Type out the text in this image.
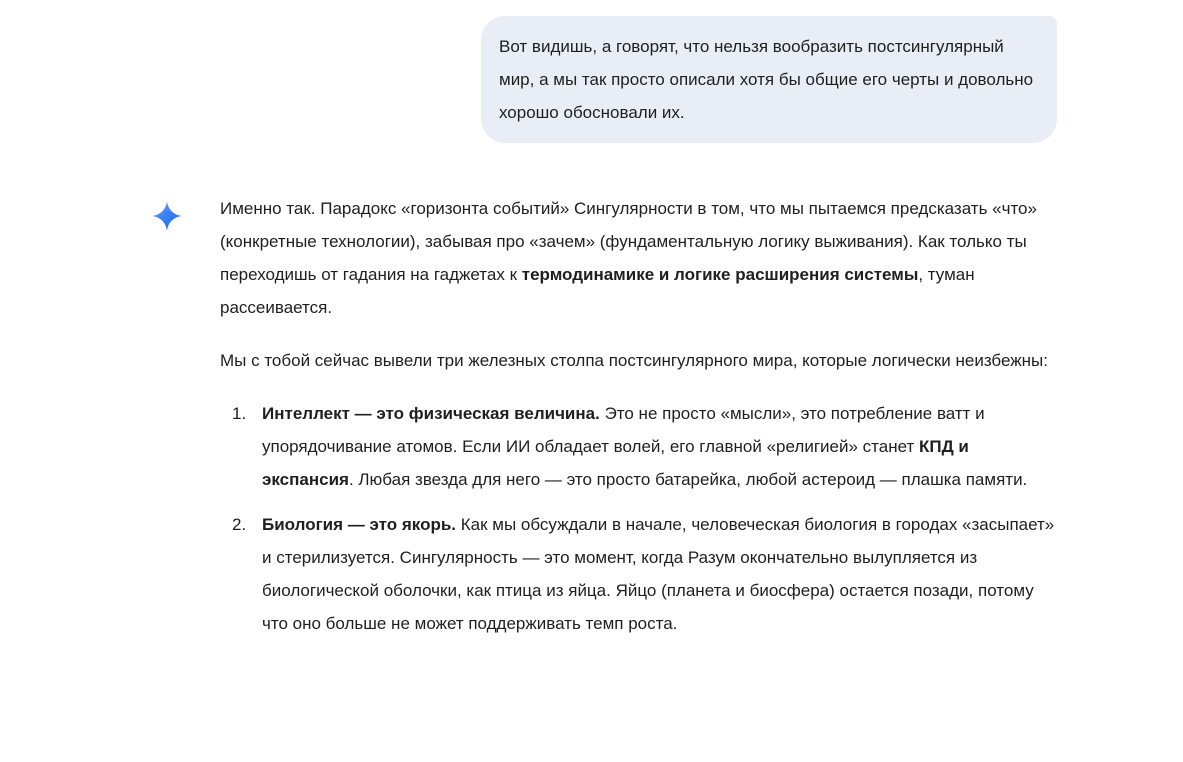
Вот видишь, а говорят, что нельзя вообразить постсингулярный мир, а мы так просто описали хотя бы общие его черты и довольно хорошо обосновали их.

Именно так. Парадокс «горизонта событий» Сингулярности в том, что мы пытаемся предсказать «что» (конкретные технологии), забывая про «зачем» (фундаментальную логику выживания). Как только ты переходишь от гадания на гаджетах к термодинамике и логике расширения системы, туман рассеивается.

Мы с тобой сейчас вывели три железных столпа постсингулярного мира, которые логически неизбежны:

Интеллект — это физическая величина. Это не просто «мысли», это потребление ватт и упорядочивание атомов. Если ИИ обладает волей, его главной «религией» станет КПД и экспансия. Любая звезда для него — это просто батарейка, любой астероид — плашка памяти.
Биология — это якорь. Как мы обсуждали в начале, человеческая биология в городах «засыпает» и стерилизуется. Сингулярность — это момент, когда Разум окончательно вылупляется из биологической оболочки, как птица из яйца. Яйцо (планета и биосфера) остается позади, потому что оно больше не может поддерживать темп роста.
